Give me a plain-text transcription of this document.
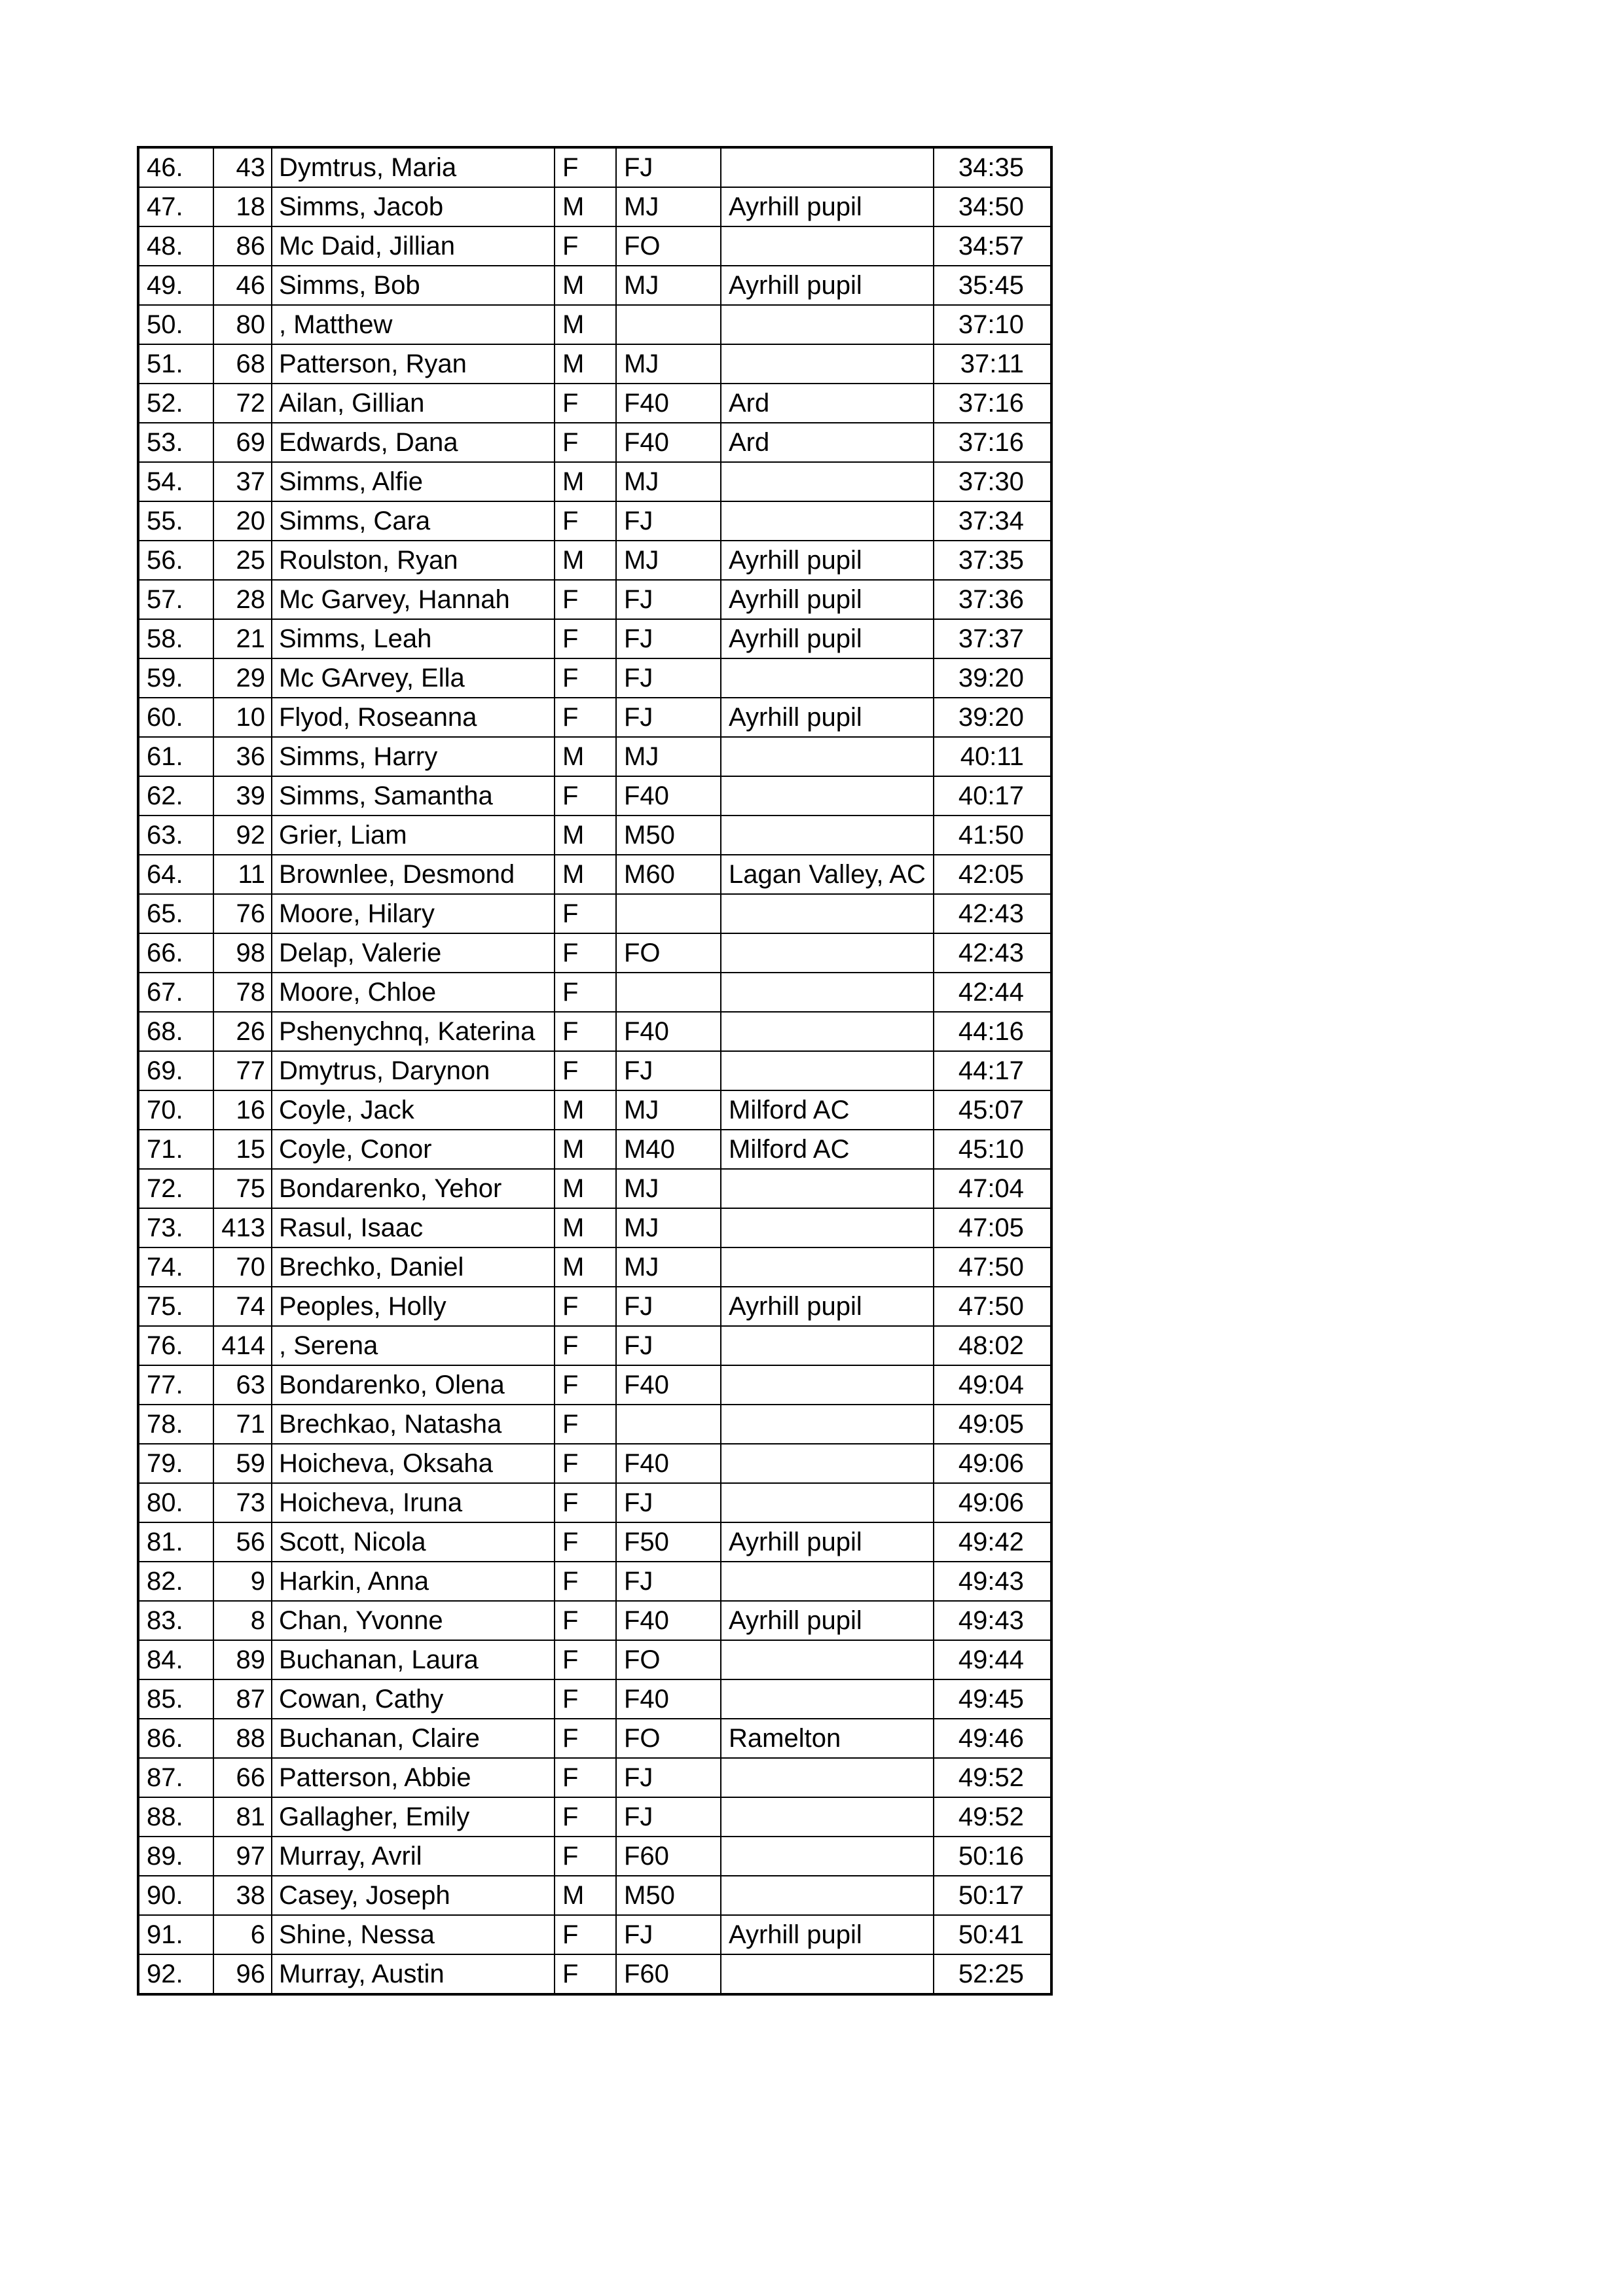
46.	43	Dymtrus, Maria	F	FJ		34:35
47.	18	Simms, Jacob	M	MJ	Ayrhill pupil	34:50
48.	86	Mc Daid, Jillian	F	FO		34:57
49.	46	Simms, Bob	M	MJ	Ayrhill pupil	35:45
50.	80	, Matthew	M			37:10
51.	68	Patterson, Ryan	M	MJ		37:11
52.	72	Ailan, Gillian	F	F40	Ard	37:16
53.	69	Edwards, Dana	F	F40	Ard	37:16
54.	37	Simms, Alfie	M	MJ		37:30
55.	20	Simms, Cara	F	FJ		37:34
56.	25	Roulston, Ryan	M	MJ	Ayrhill pupil	37:35
57.	28	Mc Garvey, Hannah	F	FJ	Ayrhill pupil	37:36
58.	21	Simms, Leah	F	FJ	Ayrhill pupil	37:37
59.	29	Mc GArvey, Ella	F	FJ		39:20
60.	10	Flyod, Roseanna	F	FJ	Ayrhill pupil	39:20
61.	36	Simms, Harry	M	MJ		40:11
62.	39	Simms, Samantha	F	F40		40:17
63.	92	Grier, Liam	M	M50		41:50
64.	11	Brownlee, Desmond	M	M60	Lagan Valley, AC	42:05
65.	76	Moore, Hilary	F			42:43
66.	98	Delap, Valerie	F	FO		42:43
67.	78	Moore, Chloe	F			42:44
68.	26	Pshenychnq, Katerina	F	F40		44:16
69.	77	Dmytrus, Darynon	F	FJ		44:17
70.	16	Coyle, Jack	M	MJ	Milford AC	45:07
71.	15	Coyle, Conor	M	M40	Milford AC	45:10
72.	75	Bondarenko, Yehor	M	MJ		47:04
73.	413	Rasul, Isaac	M	MJ		47:05
74.	70	Brechko, Daniel	M	MJ		47:50
75.	74	Peoples, Holly	F	FJ	Ayrhill pupil	47:50
76.	414	, Serena	F	FJ		48:02
77.	63	Bondarenko, Olena	F	F40		49:04
78.	71	Brechkao, Natasha	F			49:05
79.	59	Hoicheva, Oksaha	F	F40		49:06
80.	73	Hoicheva, Iruna	F	FJ		49:06
81.	56	Scott, Nicola	F	F50	Ayrhill pupil	49:42
82.	9	Harkin, Anna	F	FJ		49:43
83.	8	Chan, Yvonne	F	F40	Ayrhill pupil	49:43
84.	89	Buchanan, Laura	F	FO		49:44
85.	87	Cowan, Cathy	F	F40		49:45
86.	88	Buchanan, Claire	F	FO	Ramelton	49:46
87.	66	Patterson, Abbie	F	FJ		49:52
88.	81	Gallagher, Emily	F	FJ		49:52
89.	97	Murray, Avril	F	F60		50:16
90.	38	Casey, Joseph	M	M50		50:17
91.	6	Shine, Nessa	F	FJ	Ayrhill pupil	50:41
92.	96	Murray, Austin	F	F60		52:25
